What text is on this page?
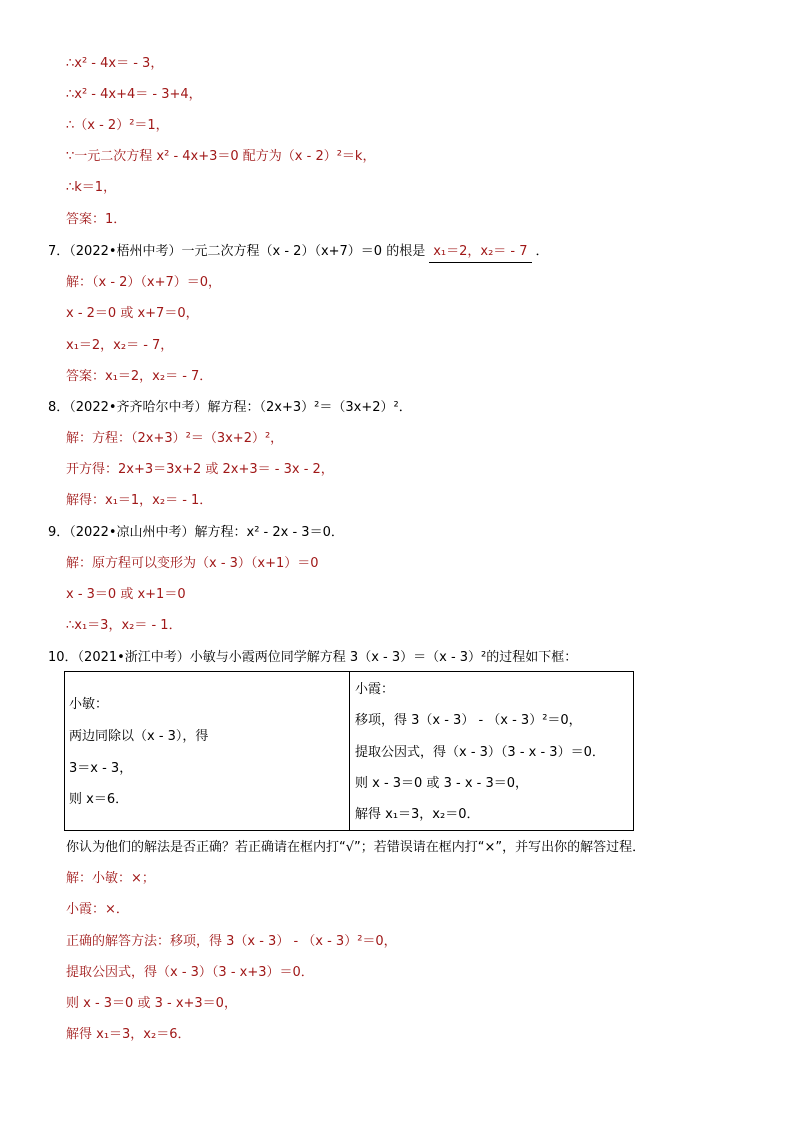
∴x² - 4x＝ - 3，
∴x² - 4x+4＝ - 3+4，
∴（x - 2）²＝1，
∵一元二次方程 x² - 4x+3＝0 配方为（x - 2）²＝k，
∴k＝1，
答案：1．
7．（2022•梧州中考）一元二次方程（x - 2）（x+7）＝0 的根是 x₁＝2，x₂＝ - 7 ．
解：（x - 2）（x+7）＝0，
x - 2＝0 或 x+7＝0，
x₁＝2，x₂＝ - 7，
答案：x₁＝2，x₂＝ - 7．
8．（2022•齐齐哈尔中考）解方程：（2x+3）²＝（3x+2）²．
解：方程：（2x+3）²＝（3x+2）²，
开方得：2x+3＝3x+2 或 2x+3＝ - 3x - 2，
解得：x₁＝1，x₂＝ - 1．
9．（2022•凉山州中考）解方程：x² - 2x - 3＝0．
解：原方程可以变形为（x - 3）（x+1）＝0
x - 3＝0 或 x+1＝0
∴x₁＝3，x₂＝ - 1．
10．（2021•浙江中考）小敏与小霞两位同学解方程 3（x - 3）＝（x - 3）²的过程如下框：
小敏：
两边同除以（x - 3），得
3＝x - 3，
则 x＝6．
小霞：
移项，得 3（x - 3） - （x - 3）²＝0，
提取公因式，得（x - 3）（3 - x - 3）＝0．
则 x - 3＝0 或 3 - x - 3＝0，
解得 x₁＝3，x₂＝0．
你认为他们的解法是否正确？若正确请在框内打“√”；若错误请在框内打“×”，并写出你的解答过程．
解：小敏：×；
小霞：×．
正确的解答方法：移项，得 3（x - 3） - （x - 3）²＝0，
提取公因式，得（x - 3）（3 - x+3）＝0．
则 x - 3＝0 或 3 - x+3＝0，
解得 x₁＝3，x₂＝6．
